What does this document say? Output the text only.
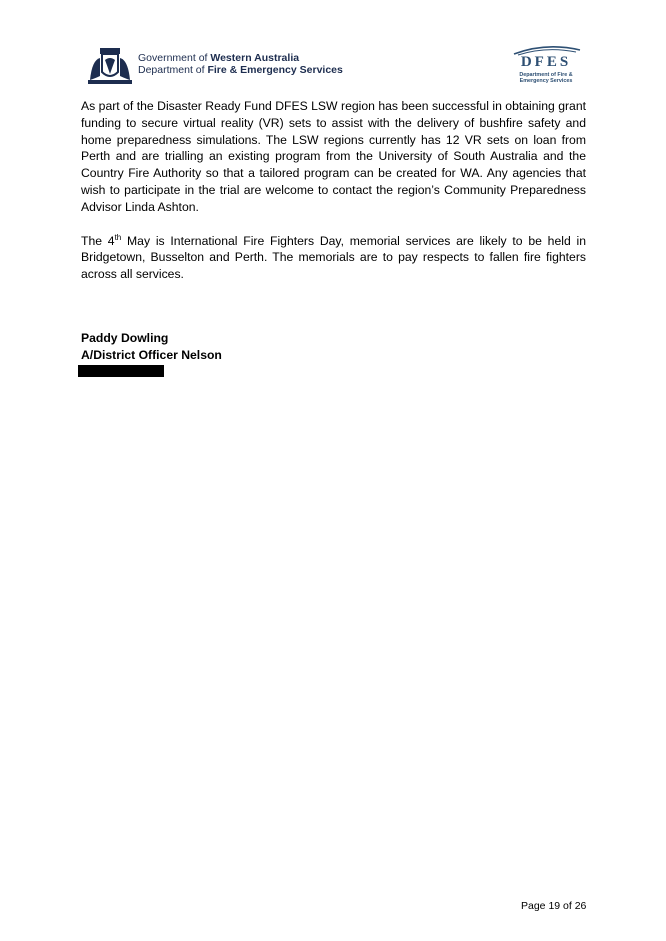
Government of Western Australia
Department of Fire & Emergency Services	DFES
Department of Fire &
Emergency Services

As part of the Disaster Ready Fund DFES LSW region has been successful in obtaining grant funding to secure virtual reality (VR) sets to assist with the delivery of bushfire safety and home preparedness simulations. The LSW regions currently has 12 VR sets on loan from Perth and are trialling an existing program from the University of South Australia and the Country Fire Authority so that a tailored program can be created for WA. Any agencies that wish to participate in the trial are welcome to contact the region’s Community Preparedness Advisor Linda Ashton.

The 4th May is International Fire Fighters Day, memorial services are likely to be held in Bridgetown, Busselton and Perth. The memorials are to pay respects to fallen fire fighters across all services.

Paddy Dowling
A/District Officer Nelson
Page 19 of 26
